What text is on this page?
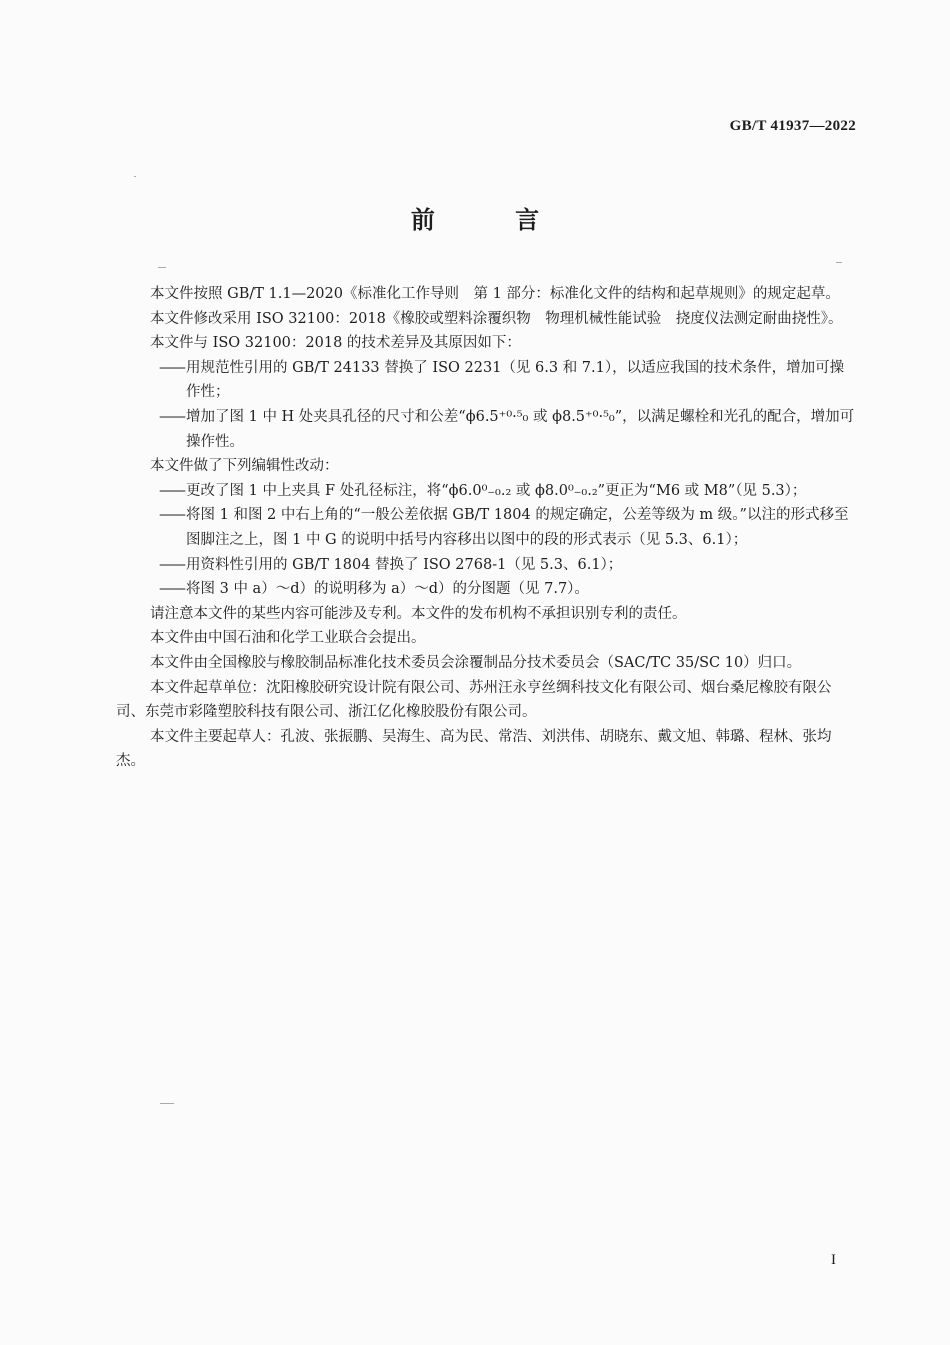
GB/T 41937—2022
前 言

本文件按照 GB/T 1.1—2020《标准化工作导则　第 1 部分：标准化文件的结构和起草规则》的规定起草。

本文件修改采用 ISO 32100：2018《橡胶或塑料涂覆织物　物理机械性能试验　挠度仪法测定耐曲挠性》。

本文件与 ISO 32100：2018 的技术差异及其原因如下：

—— 用规范性引用的 GB/T 24133 替换了 ISO 2231（见 6.3 和 7.1），以适应我国的技术条件，增加可操作性；

—— 增加了图 1 中 H 处夹具孔径的尺寸和公差“ϕ6.5⁺⁰·⁵₀ 或 ϕ8.5⁺⁰·⁵₀”，以满足螺栓和光孔的配合，增加可操作性。

本文件做了下列编辑性改动：

—— 更改了图 1 中上夹具 F 处孔径标注，将“ϕ6.0⁰₋₀.₂ 或 ϕ8.0⁰₋₀.₂”更正为“M6 或 M8”（见 5.3）；

—— 将图 1 和图 2 中右上角的“一般公差依据 GB/T 1804 的规定确定，公差等级为 m 级。”以注的形式移至图脚注之上，图 1 中 G 的说明中括号内容移出以图中的段的形式表示（见 5.3、6.1）；

—— 用资料性引用的 GB/T 1804 替换了 ISO 2768-1（见 5.3、6.1）；

—— 将图 3 中 a）～d）的说明移为 a）～d）的分图题（见 7.7）。

请注意本文件的某些内容可能涉及专利。本文件的发布机构不承担识别专利的责任。

本文件由中国石油和化学工业联合会提出。

本文件由全国橡胶与橡胶制品标准化技术委员会涂覆制品分技术委员会（SAC/TC 35/SC 10）归口。

本文件起草单位：沈阳橡胶研究设计院有限公司、苏州汪永亨丝绸科技文化有限公司、烟台桑尼橡胶有限公司、东莞市彩隆塑胶科技有限公司、浙江亿化橡胶股份有限公司。

本文件主要起草人：孔波、张振鹏、吴海生、高为民、常浩、刘洪伟、胡晓东、戴文旭、韩璐、程林、张均杰。

I
